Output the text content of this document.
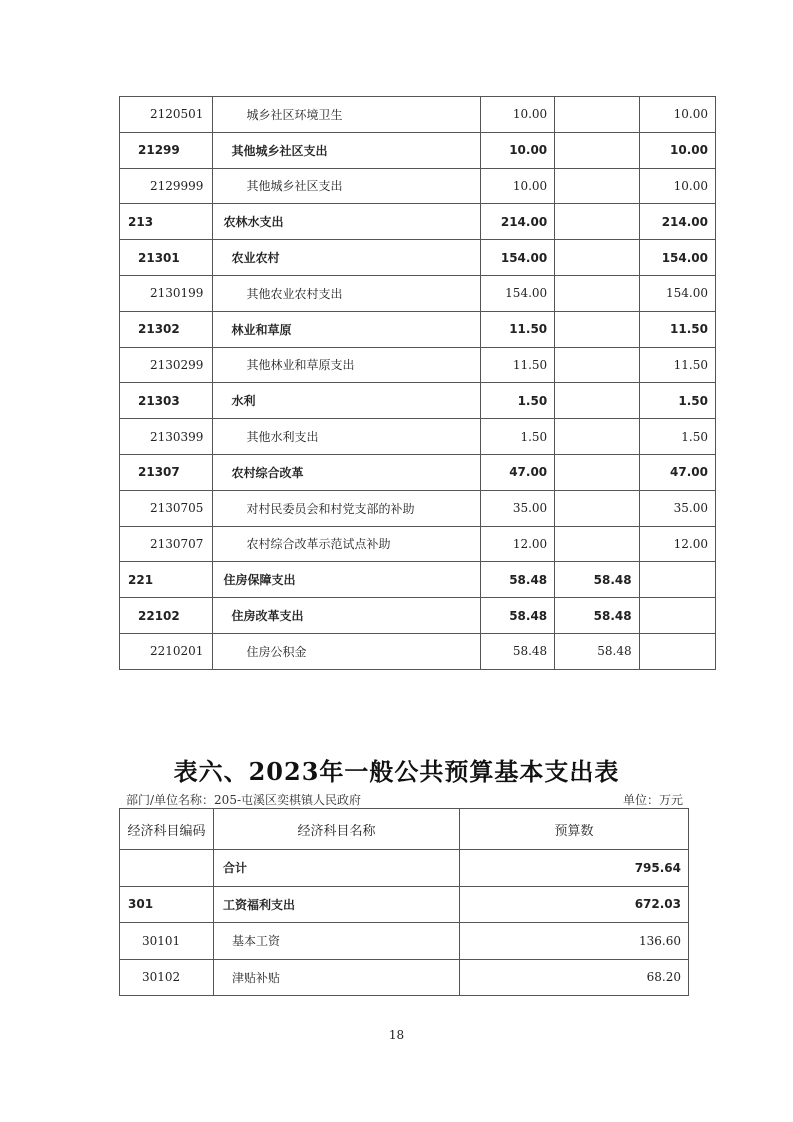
2120501	城乡社区环境卫生	10.00		10.00
21299	其他城乡社区支出	10.00		10.00
2129999	其他城乡社区支出	10.00		10.00
213	农林水支出	214.00		214.00
21301	农业农村	154.00		154.00
2130199	其他农业农村支出	154.00		154.00
21302	林业和草原	11.50		11.50
2130299	其他林业和草原支出	11.50		11.50
21303	水利	1.50		1.50
2130399	其他水利支出	1.50		1.50
21307	农村综合改革	47.00		47.00
2130705	对村民委员会和村党支部的补助	35.00		35.00
2130707	农村综合改革示范试点补助	12.00		12.00
221	住房保障支出	58.48	58.48	
22102	住房改革支出	58.48	58.48	
2210201	住房公积金	58.48	58.48	
表六、2023年一般公共预算基本支出表
部门/单位名称：205-屯溪区奕棋镇人民政府	单位：万元
经济科目编码	经济科目名称	预算数
	合计	795.64
301	工资福利支出	672.03
30101	基本工资	136.60
30102	津贴补贴	68.20
18
